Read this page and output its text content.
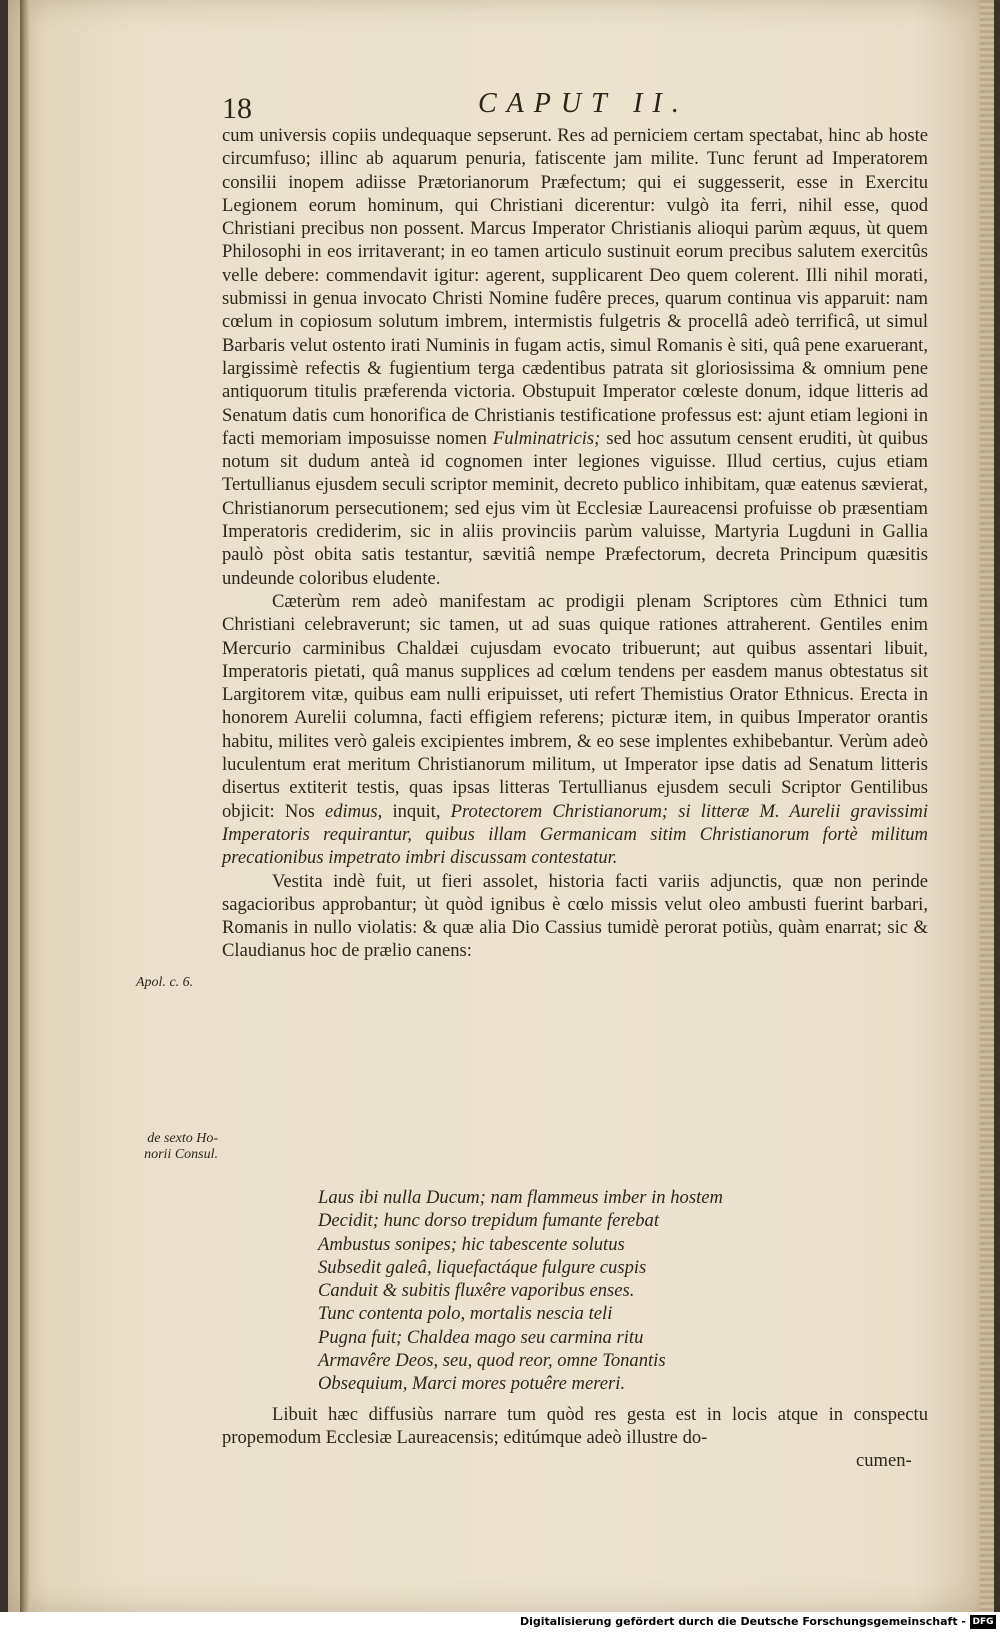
18	CAPUT II.

cum universis copiis undequaque sepserunt. Res ad perniciem certam spectabat, hinc ab hoste circumfuso; illinc ab aquarum penuria, fatiscente jam milite. Tunc ferunt ad Imperatorem consilii inopem adiisse Prætorianorum Præfectum; qui ei suggesserit, esse in Exercitu Legionem eorum hominum, qui Christiani dicerentur: vulgò ita ferri, nihil esse, quod Christiani precibus non possent. Marcus Imperator Christianis alioqui parùm æquus, ùt quem Philosophi in eos irritaverant; in eo tamen articulo sustinuit eorum precibus salutem exercitûs velle debere: commendavit igitur: agerent, supplicarent Deo quem colerent. Illi nihil morati, submissi in genua invocato Christi Nomine fudêre preces, quarum continua vis apparuit: nam cœlum in copiosum solutum imbrem, intermistis fulgetris & procellâ adeò terrificâ, ut simul Barbaris velut ostento irati Numinis in fugam actis, simul Romanis è siti, quâ pene exaruerant, largissimè refectis & fugientium terga cædentibus patrata sit gloriosissima & omnium pene antiquorum titulis præferenda victoria. Obstupuit Imperator cœleste donum, idque litteris ad Senatum datis cum honorifica de Christianis testificatione professus est: ajunt etiam legioni in facti memoriam imposuisse nomen Fulminatricis; sed hoc assutum censent eruditi, ùt quibus notum sit dudum anteà id cognomen inter legiones viguisse. Illud certius, cujus etiam Tertullianus ejusdem seculi scriptor meminit, decreto publico inhibitam, quæ eatenus sævierat, Christianorum persecutionem; sed ejus vim ùt Ecclesiæ Laureacensi profuisse ob præsentiam Imperatoris crediderim, sic in aliis provinciis parùm valuisse, Martyria Lugduni in Gallia paulò pòst obita satis testantur, sævitiâ nempe Præfectorum, decreta Principum quæsitis undeunde coloribus eludente.

Cæterùm rem adeò manifestam ac prodigii plenam Scriptores cùm Ethnici tum Christiani celebraverunt; sic tamen, ut ad suas quique rationes attraherent. Gentiles enim Mercurio carminibus Chaldæi cujusdam evocato tribuerunt; aut quibus assentari libuit, Imperatoris pietati, quâ manus supplices ad cœlum tendens per easdem manus obtestatus sit Largitorem vitæ, quibus eam nulli eripuisset, uti refert Themistius Orator Ethnicus. Erecta in honorem Aurelii columna, facti effigiem referens; picturæ item, in quibus Imperator orantis habitu, milites verò galeis excipientes imbrem, & eo sese implentes exhibebantur. Verùm adeò luculentum erat meritum Christianorum militum, ut Imperator ipse datis ad Senatum litteris disertus extiterit testis, quas ipsas litteras Tertullianus ejusdem seculi Scriptor Gentilibus objicit: Nos edimus, inquit, Protectorem Christianorum; si litteræ M. Aurelii gravissimi Imperatoris requirantur, quibus illam Germanicam sitim Christianorum fortè militum precationibus impetrato imbri discussam contestatur.

Vestita indè fuit, ut fieri assolet, historia facti variis adjunctis, quæ non perinde sagacioribus approbantur; ùt quòd ignibus è cœlo missis velut oleo ambusti fuerint barbari, Romanis in nullo violatis: & quæ alia Dio Cassius tumidè perorat potiùs, quàm enarrat; sic & Claudianus hoc de prælio canens:

Laus ibi nulla Ducum; nam flammeus imber in hostem
Decidit; hunc dorso trepidum fumante ferebat
Ambustus sonipes; hic tabescente solutus
Subsedit galeâ, liquefactáque fulgure cuspis
Canduit & subitis fluxêre vaporibus enses.
Tunc contenta polo, mortalis nescia teli
Pugna fuit; Chaldea mago seu carmina ritu
Armavêre Deos, seu, quod reor, omne Tonantis
Obsequium, Marci mores potuêre mereri.

Libuit hæc diffusiùs narrare tum quòd res gesta est in locis atque in conspectu propemodum Ecclesiæ Laureacensis; editúmque adeò illustre do-

cumen-
Apol. c. 6.
de sexto Ho-
norii Consul.
Digitalisierung gefördert durch die Deutsche Forschungsgemeinschaft - DFG
